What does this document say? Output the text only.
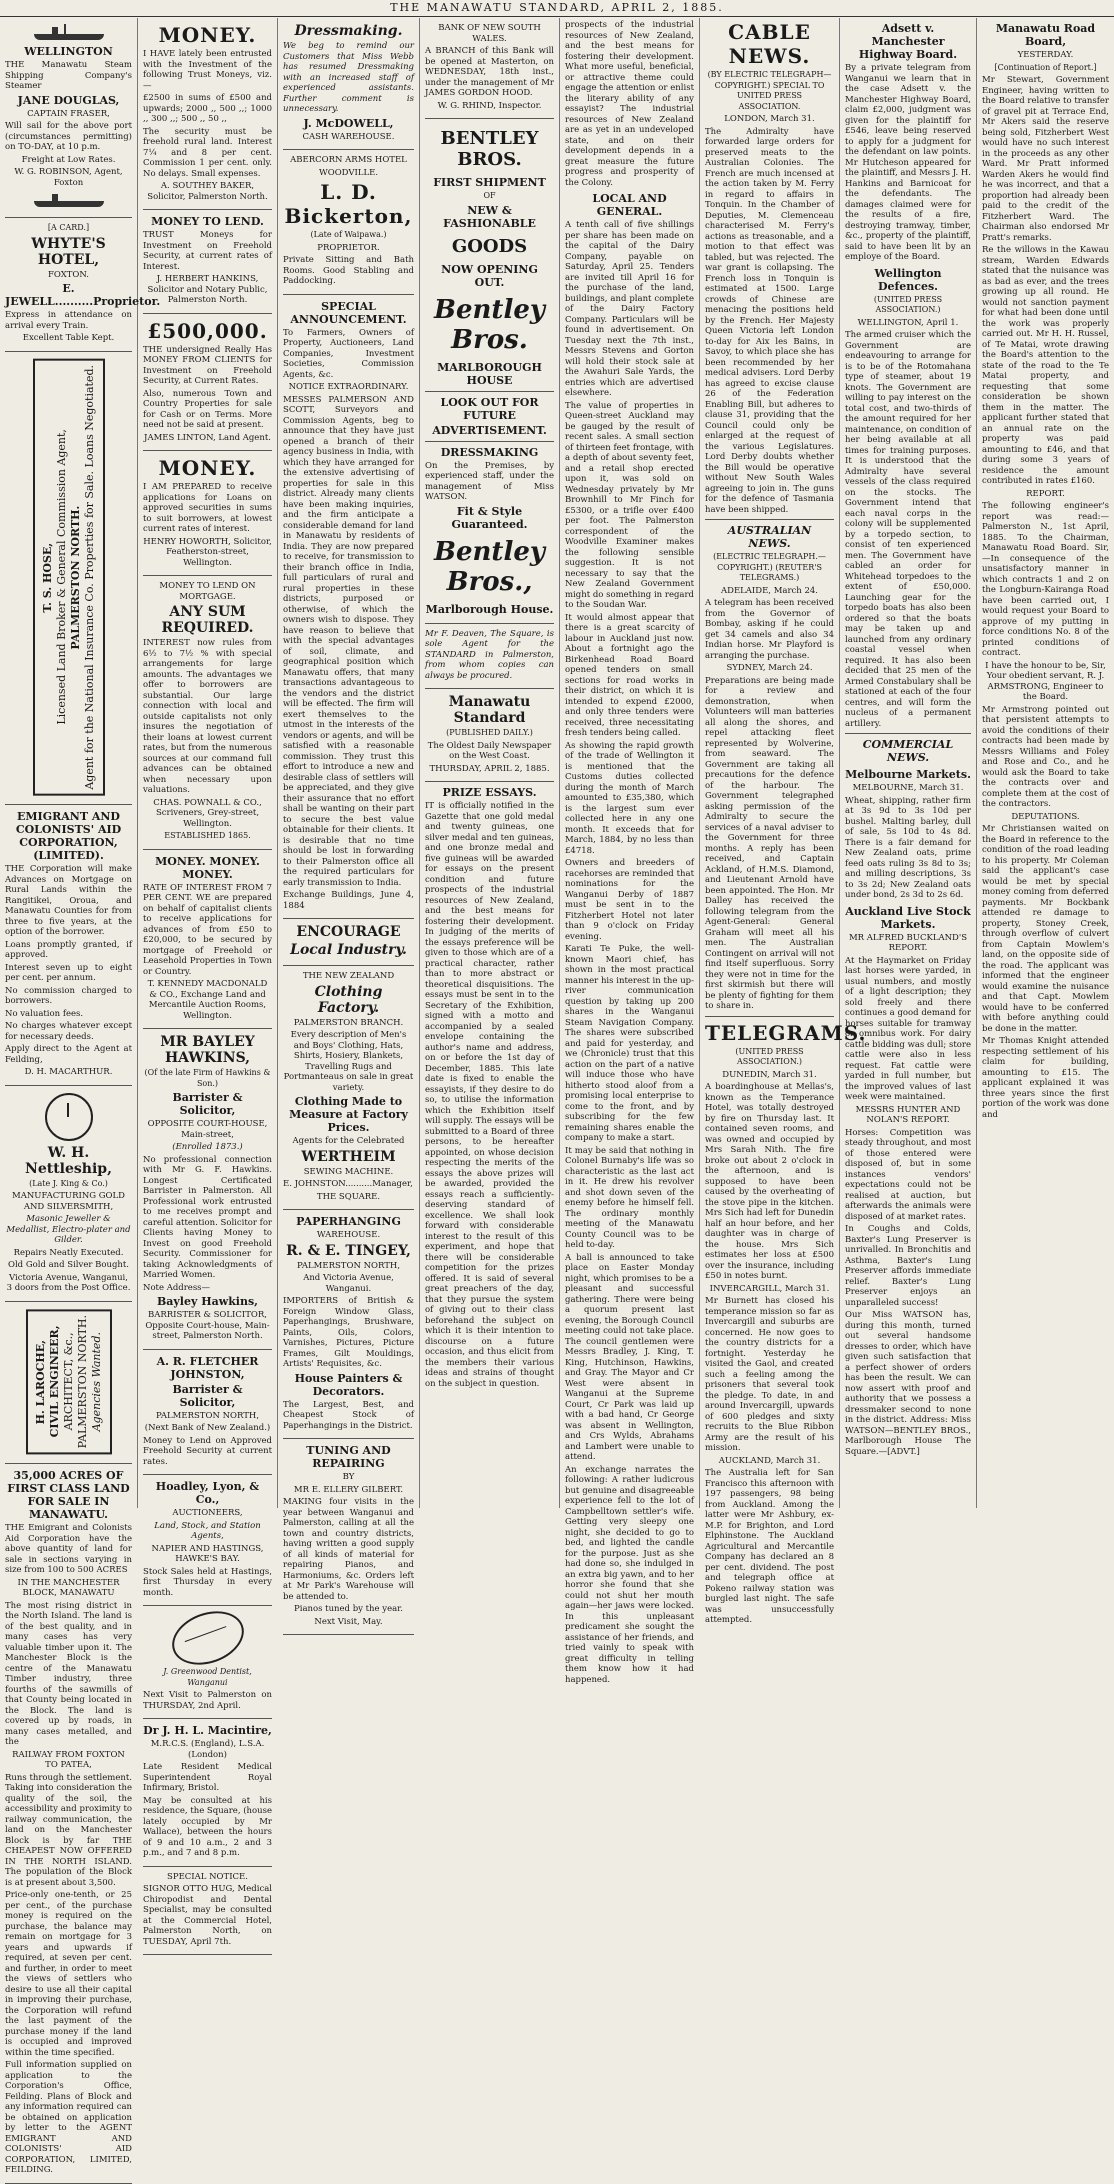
THE MANAWATU STANDARD, APRIL 2, 1885.
WELLINGTON
THE Manawatu Steam Shipping Company's Steamer
JANE DOUGLAS,
CAPTAIN FRASER,
Will sail for the above port (circumstances permitting) on TO-DAY, at 10 p.m.
Freight at Low Rates.
W. G. ROBINSON, Agent, Foxton
[A CARD.]
WHYTE'S HOTEL,
FOXTON.
E. JEWELL..........Proprietor.
Express in attendance on arrival every Train.
Excellent Table Kept.
T. S. HOSE,
Licensed Land Broker & General Commission Agent,
PALMERSTON NORTH.
Agent for the National Insurance Co. Properties for Sale. Loans Negotiated.
EMIGRANT AND COLONISTS' AID CORPORATION, (LIMITED).
THE Corporation will make Advances on Mortgage on Rural Lands within the Rangitikei, Oroua, and Manawatu Counties for from three to five years, at the option of the borrower.
Loans promptly granted, if approved.
Interest seven up to eight per cent. per annum.
No commission charged to borrowers.
No valuation fees.
No charges whatever except for necessary deeds.
Apply direct to the Agent at Feilding,
D. H. MACARTHUR.
W. H. Nettleship,
(Late J. King & Co.)
MANUFACTURING GOLD AND SILVERSMITH,
Masonic Jeweller & Medallist, Electro-plater and Gilder.
Repairs Neatly Executed.
Old Gold and Silver Bought.
Victoria Avenue, Wanganui, 3 doors from the Post Office.
H. LAROCHE,
CIVIL ENGINEER,
ARCHITECT, &c.,
PALMERSTON NORTH.
Agencies Wanted.
35,000 ACRES OF FIRST CLASS LAND FOR SALE IN MANAWATU.
THE Emigrant and Colonists Aid Corporation have the above quantity of land for sale in sections varying in size from 100 to 500 ACRES
IN THE MANCHESTER BLOCK, MANAWATU
The most rising district in the North Island. The land is of the best quality, and in many cases has very valuable timber upon it. The Manchester Block is the centre of the Manawatu Timber industry, three fourths of the sawmills of that County being located in the Block. The land is covered up by roads, in many cases metalled, and the
RAILWAY FROM FOXTON TO PATEA,
Runs through the settlement. Taking into consideration the quality of the soil, the accessibility and proximity to railway communication, the land on the Manchester Block is by far THE CHEAPEST NOW OFFERED IN THE NORTH ISLAND. The population of the Block is at present about 3,500.
Price-only one-tenth, or 25 per cent., of the purchase money is required on the purchase, the balance may remain on mortgage for 3 years and upwards if required, at seven per cent. and further, in order to meet the views of settlers who desire to use all their capital in improving their purchase, the Corporation will refund the last payment of the purchase money if the land is occupied and improved within the time specified.
Full information supplied on application to the Corporation's Office, Feilding. Plans of Block and any information required can be obtained on application by letter to the AGENT EMIGRANT AND COLONISTS' AID CORPORATION, LIMITED, FEILDING.
MONEY.
I HAVE lately been entrusted with the Investment of the following Trust Moneys, viz.—
£2500 in sums of £500 and upwards; 2000 ,, 500 ,,; 1000 ,, 300 ,,; 500 ,, 50 ,,
The security must be freehold rural land. Interest 7¼ and 8 per cent. Commission 1 per cent. only. No delays. Small expenses.
A. SOUTHEY BAKER, Solicitor, Palmerston North.
MONEY TO LEND.
TRUST Moneys for Investment on Freehold Security, at current rates of Interest.
J. HERBERT HANKINS, Solicitor and Notary Public, Palmerston North.
£500,000.
THE undersigned Really Has MONEY FROM CLIENTS for Investment on Freehold Security, at Current Rates.
Also, numerous Town and Country Properties for sale for Cash or on Terms. More need not be said at present.
JAMES LINTON, Land Agent.
MONEY.
I AM PREPARED to receive applications for Loans on approved securities in sums to suit borrowers, at lowest current rates of interest.
HENRY HOWORTH, Solicitor, Featherston-street, Wellington.
MONEY TO LEND ON MORTGAGE.
ANY SUM REQUIRED.
INTEREST now rules from 6½ to 7½ % with special arrangements for large amounts. The advantages we offer to borrowers are substantial. Our large connection with local and outside capitalists not only insures the negotiation of their loans at lowest current rates, but from the numerous sources at our command full advances can be obtained when necessary upon valuations.
CHAS. POWNALL & CO., Scriveners, Grey-street, Wellington.
ESTABLISHED 1865.
MONEY. MONEY. MONEY.
RATE OF INTEREST FROM 7 PER CENT. WE are prepared on behalf of capitalist clients to receive applications for advances of from £50 to £20,000, to be secured by mortgage of Freehold or Leasehold Properties in Town or Country.
T. KENNEDY MACDONALD & CO., Exchange Land and Mercantile Auction Rooms, Wellington.
MR BAYLEY HAWKINS,
(Of the late Firm of Hawkins & Son.)
Barrister & Solicitor,
OPPOSITE COURT-HOUSE, Main-street,
(Enrolled 1873.)
No professional connection with Mr G. F. Hawkins. Longest Certificated Barrister in Palmerston. All Professional work entrusted to me receives prompt and careful attention. Solicitor for Clients having Money to Invest on good Freehold Security. Commissioner for taking Acknowledgments of Married Women.
Note Address—
Bayley Hawkins,
BARRISTER & SOLICITOR, Opposite Court-house, Main-street, Palmerston North.
A. R. FLETCHER JOHNSTON,
Barrister & Solicitor,
PALMERSTON NORTH,
(Next Bank of New Zealand.)
Money to Lend on Approved Freehold Security at current rates.
Hoadley, Lyon, & Co.,
AUCTIONEERS,
Land, Stock, and Station Agents,
NAPIER AND HASTINGS, HAWKE'S BAY.
Stock Sales held at Hastings, first Thursday in every month.
J. Greenwood Dentist, Wanganui
Next Visit to Palmerston on THURSDAY, 2nd April.
Dr J. H. L. Macintire,
M.R.C.S. (England), L.S.A. (London)
Late Resident Medical Superintendent Royal Infirmary, Bristol.
May be consulted at his residence, the Square, (house lately occupied by Mr Wallace), between the hours of 9 and 10 a.m., 2 and 3 p.m., and 7 and 8 p.m.
SPECIAL NOTICE.
SIGNOR OTTO HUG, Medical Chiropodist and Dental Specialist, may be consulted at the Commercial Hotel, Palmerston North, on TUESDAY, April 7th.
Dressmaking.
We beg to remind our Customers that Miss Webb has resumed Dressmaking with an increased staff of experienced assistants. Further comment is unnecessary.
J. McDOWELL,
CASH WAREHOUSE.
ABERCORN ARMS HOTEL
WOODVILLE.
L. D. Bickerton,
(Late of Waipawa.)
PROPRIETOR.
Private Sitting and Bath Rooms. Good Stabling and Paddocking.
SPECIAL ANNOUNCEMENT.
To Farmers, Owners of Property, Auctioneers, Land Companies, Investment Societies, Commission Agents, &c.
NOTICE EXTRAORDINARY.
MESSES PALMERSON AND SCOTT, Surveyors and Commission Agents, beg to announce that they have just opened a branch of their agency business in India, with which they have arranged for the extensive advertising of properties for sale in this district. Already many clients have been making inquiries, and the firm anticipate a considerable demand for land in Manawatu by residents of India. They are now prepared to receive, for transmission to their branch office in India, full particulars of rural and rural properties in these districts, purposed or otherwise, of which the owners wish to dispose. They have reason to believe that with the special advantages of soil, climate, and geographical position which Manawatu offers, that many transactions advantageous to the vendors and the district will be effected. The firm will exert themselves to the utmost in the interests of the vendors or agents, and will be satisfied with a reasonable commission. They trust this effort to introduce a new and desirable class of settlers will be appreciated, and they give their assurance that no effort shall be wanting on their part to secure the best value obtainable for their clients. It is desirable that no time should be lost in forwarding to their Palmerston office all the required particulars for early transmission to India.
Exchange Buildings, June 4, 1884
ENCOURAGE
Local Industry.
THE NEW ZEALAND
Clothing Factory.
PALMERSTON BRANCH.
Every description of Men's and Boys' Clothing, Hats, Shirts, Hosiery, Blankets, Travelling Rugs and Portmanteaus on sale in great variety.
Clothing Made to Measure at Factory Prices.
Agents for the Celebrated
WERTHEIM
SEWING MACHINE.
E. JOHNSTON..........Manager,
THE SQUARE.
PAPERHANGING
WAREHOUSE.
R. & E. TINGEY,
PALMERSTON NORTH,
And Victoria Avenue, Wanganui.
IMPORTERS of British & Foreign Window Glass, Paperhangings, Brushware, Paints, Oils, Colors, Varnishes, Pictures, Picture Frames, Gilt Mouldings, Artists' Requisites, &c.
House Painters & Decorators.
The Largest, Best, and Cheapest Stock of Paperhangings in the District.
TUNING AND REPAIRING
BY
MR E. ELLERY GILBERT.
MAKING four visits in the year between Wanganui and Palmerston, calling at all the town and country districts, having written a good supply of all kinds of material for repairing Pianos, and Harmoniums, &c. Orders left at Mr Park's Warehouse will be attended to.
Pianos tuned by the year.
Next Visit, May.
BANK OF NEW SOUTH WALES.
A BRANCH of this Bank will be opened at Masterton, on WEDNESDAY, 18th inst., under the management of Mr JAMES GORDON HOOD.
W. G. RHIND, Inspector.
BENTLEY BROS.
FIRST SHIPMENT
OF
NEW & FASHIONABLE
GOODS
NOW OPENING OUT.
Bentley Bros.
MARLBOROUGH HOUSE
LOOK OUT FOR FUTURE
ADVERTISEMENT.
DRESSMAKING
On the Premises, by experienced staff, under the management of Miss WATSON.
Fit & Style Guaranteed.
Bentley Bros.,
Marlborough House.
Mr F. Deaven, The Square, is sole Agent for the STANDARD in Palmerston, from whom copies can always be procured.
Manawatu Standard
(PUBLISHED DAILY.)
The Oldest Daily Newspaper on the West Coast.
THURSDAY, APRIL 2, 1885.
PRIZE ESSAYS.
IT is officially notified in the Gazette that one gold medal and twenty guineas, one silver medal and ten guineas, and one bronze medal and five guineas will be awarded for essays on the present condition and future prospects of the industrial resources of New Zealand, and the best means for fostering their development. In judging of the merits of the essays preference will be given to those which are of a practical character, rather than to more abstract or theoretical disquisitions. The essays must be sent in to the Secretary of the Exhibition, signed with a motto and accompanied by a sealed envelope containing the author's name and address, on or before the 1st day of December, 1885. This late date is fixed to enable the essayists, if they desire to do so, to utilise the information which the Exhibition itself will supply. The essays will be submitted to a Board of three persons, to be hereafter appointed, on whose decision respecting the merits of the essays the above prizes will be awarded, provided the essays reach a sufficiently-deserving standard of excellence. We shall look forward with considerable interest to the result of this experiment, and hope that there will be considerable competition for the prizes offered. It is said of several great preachers of the day, that they pursue the system of giving out to their class beforehand the subject on which it is their intention to discourse on a future occasion, and thus elicit from the members their various ideas and strains of thought on the subject in question.
prospects of the industrial resources of New Zealand, and the best means for fostering their development. What more useful, beneficial, or attractive theme could engage the attention or enlist the literary ability of any essayist? The industrial resources of New Zealand are as yet in an undeveloped state, and on their development depends in a great measure the future progress and prosperity of the Colony.
LOCAL AND GENERAL.
A tenth call of five shillings per share has been made on the capital of the Dairy Company, payable on Saturday, April 25. Tenders are invited till April 16 for the purchase of the land, buildings, and plant complete of the Dairy Factory Company. Particulars will be found in advertisement. On Tuesday next the 7th inst., Messrs Stevens and Gorton will hold their stock sale at the Awahuri Sale Yards, the entries which are advertised elsewhere.
The value of properties in Queen-street Auckland may be gauged by the result of recent sales. A small section of thirteen feet frontage, with a depth of about seventy feet, and a retail shop erected upon it, was sold on Wednesday privately by Mr Brownhill to Mr Finch for £5300, or a trifle over £400 per foot. The Palmerston correspondent of the Woodville Examiner makes the following sensible suggestion. It is not necessary to say that the New Zealand Government might do something in regard to the Soudan War.
It would almost appear that there is a great scarcity of labour in Auckland just now. About a fortnight ago the Birkenhead Road Board opened tenders on small sections for road works in their district, on which it is intended to expend £2000, and only three tenders were received, three necessitating fresh tenders being called.
As showing the rapid growth of the trade of Wellington it is mentioned that the Customs duties collected during the month of March amounted to £35,380, which is the largest sum ever collected here in any one month. It exceeds that for March, 1884, by no less than £4718.
Owners and breeders of racehorses are reminded that nominations for the Wanganui Derby of 1887 must be sent in to the Fitzherbert Hotel not later than 9 o'clock on Friday evening.
Karati Te Puke, the well-known Maori chief, has shown in the most practical manner his interest in the up-river communication question by taking up 200 shares in the Wanganui Steam Navigation Company. The shares were subscribed and paid for yesterday, and we (Chronicle) trust that this action on the part of a native will induce those who have hitherto stood aloof from a promising local enterprise to come to the front, and by subscribing for the few remaining shares enable the company to make a start.
It may be said that nothing in Colonel Burnaby's life was so characteristic as the last act in it. He drew his revolver and shot down seven of the enemy before he himself fell. The ordinary monthly meeting of the Manawatu County Council was to be held to-day.
A ball is announced to take place on Easter Monday night, which promises to be a pleasant and successful gathering. There were being a quorum present last evening, the Borough Council meeting could not take place. The council gentlemen were Messrs Bradley, J. King, T. King, Hutchinson, Hawkins, and Gray. The Mayor and Cr West were absent in Wanganui at the Supreme Court, Cr Park was laid up with a bad hand, Cr George was absent in Wellington, and Crs Wylds, Abrahams and Lambert were unable to attend.
An exchange narrates the following: A rather ludicrous but genuine and disagreeable experience fell to the lot of Campbelltown settler's wife. Getting very sleepy one night, she decided to go to bed, and lighted the candle for the purpose. Just as she had done so, she indulged in an extra big yawn, and to her horror she found that she could not shut her mouth again—her jaws were locked. In this unpleasant predicament she sought the assistance of her friends, and tried vainly to speak with great difficulty in telling them know how it had happened.
CABLE NEWS.
(BY ELECTRIC TELEGRAPH—COPYRIGHT.) SPECIAL TO UNITED PRESS ASSOCIATION.
LONDON, March 31.
The Admiralty have forwarded large orders for preserved meats to the Australian Colonies. The French are much incensed at the action taken by M. Ferry in regard to affairs in Tonquin. In the Chamber of Deputies, M. Clemenceau characterised M. Ferry's actions as treasonable, and a motion to that effect was tabled, but was rejected. The war grant is collapsing. The French loss in Tonquin is estimated at 1500. Large crowds of Chinese are menacing the positions held by the French. Her Majesty Queen Victoria left London to-day for Aix les Bains, in Savoy, to which place she has been recommended by her medical advisers. Lord Derby has agreed to excise clause 26 of the Federation Enabling Bill, but adheres to clause 31, providing that the Council could only be enlarged at the request of the various Legislatures. Lord Derby doubts whether the Bill would be operative without New South Wales agreeing to join in. The guns for the defence of Tasmania have been shipped.
AUSTRALIAN NEWS.
(ELECTRIC TELEGRAPH.—COPYRIGHT.) (REUTER'S TELEGRAMS.)
ADELAIDE, March 24.
A telegram has been received from the Governor of Bombay, asking if he could get 34 camels and also 34 Indian horse. Mr Playford is arranging the purchase.
SYDNEY, March 24.
Preparations are being made for a review and demonstration, when Volunteers will man batteries all along the shores, and repel attacking fleet represented by Wolverine, from seaward. The Government are taking all precautions for the defence of the harbour. The Government telegraphed asking permission of the Admiralty to secure the services of a naval adviser to the Government for three months. A reply has been received, and Captain Ackland, of H.M.S. Diamond, and Lieutenant Arnold have been appointed. The Hon. Mr Dalley has received the following telegram from the Agent-General: General Graham will meet all his men. The Australian Contingent on arrival will not find itself superfluous. Sorry they were not in time for the first skirmish but there will be plenty of fighting for them to share in.
TELEGRAMS.
(UNITED PRESS ASSOCIATION.)
DUNEDIN, March 31.
A boardinghouse at Mellas's, known as the Temperance Hotel, was totally destroyed by fire on Thursday last. It contained seven rooms, and was owned and occupied by Mrs Sarah Nith. The fire broke out about 2 o'clock in the afternoon, and is supposed to have been caused by the overheating of the stove pipe in the kitchen. Mrs Sich had left for Dunedin half an hour before, and her daughter was in charge of the house. Mrs Sich estimates her loss at £500 over the insurance, including £50 in notes burnt.
INVERCARGILL, March 31.
Mr Burnett has closed his temperance mission so far as Invercargill and suburbs are concerned. He now goes to the country districts for a fortnight. Yesterday he visited the Gaol, and created such a feeling among the prisoners that several took the pledge. To date, in and around Invercargill, upwards of 600 pledges and sixty recruits to the Blue Ribbon Army are the result of his mission.
AUCKLAND, March 31.
The Australia left for San Francisco this afternoon with 197 passengers, 98 being from Auckland. Among the latter were Mr Ashbury, ex-M.P. for Brighton, and Lord Elphinstone. The Auckland Agricultural and Mercantile Company has declared an 8 per cent. dividend. The post and telegraph office at Pokeno railway station was burgled last night. The safe was unsuccessfully attempted.
Adsett v. Manchester Highway Board.
By a private telegram from Wanganui we learn that in the case Adsett v. the Manchester Highway Board, claim £2,000, judgment was given for the plaintiff for £546, leave being reserved to apply for a judgment for the defendant on law points. Mr Hutcheson appeared for the plaintiff, and Messrs J. H. Hankins and Barnicoat for the defendants. The damages claimed were for the results of a fire, destroying tramway, timber, &c., property of the plaintiff, said to have been lit by an employe of the Board.
Wellington Defences.
(UNITED PRESS ASSOCIATION.)
WELLINGTON, April 1.
The armed cruiser which the Government are endeavouring to arrange for is to be of the Rotomahana type of steamer, about 19 knots. The Government are willing to pay interest on the total cost, and two-thirds of the amount required for her maintenance, on condition of her being available at all times for training purposes. It is understood that the Admiralty have several vessels of the class required on the stocks. The Government intend that each naval corps in the colony will be supplemented by a torpedo section, to consist of ten experienced men. The Government have cabled an order for Whitehead torpedoes to the extent of £50,000. Launching gear for the torpedo boats has also been ordered so that the boats may be taken up and launched from any ordinary coastal vessel when required. It has also been decided that 25 men of the Armed Constabulary shall be stationed at each of the four centres, and will form the nucleus of a permanent artillery.
COMMERCIAL NEWS.
Melbourne Markets.
MELBOURNE, March 31.
Wheat, shipping, rather firm at 3s 9d to 3s 10d per bushel. Malting barley, dull of sale, 5s 10d to 4s 8d. There is a fair demand for New Zealand oats, prime feed oats ruling 3s 8d to 3s; and milling descriptions, 3s to 3s 2d; New Zealand oats under bond, 2s 3d to 2s 6d.
Auckland Live Stock Markets.
MR ALFRED BUCKLAND'S REPORT.
At the Haymarket on Friday last horses were yarded, in usual numbers, and mostly of a light description; they sold freely and there continues a good demand for horses suitable for tramway or omnibus work. For dairy cattle bidding was dull; store cattle were also in less request. Fat cattle were yarded in full number, but the improved values of last week were maintained.
MESSRS HUNTER AND NOLAN'S REPORT.
Horses: Competition was steady throughout, and most of those entered were disposed of, but in some instances vendors' expectations could not be realised at auction, but afterwards the animals were disposed of at market rates.
In Coughs and Colds, Baxter's Lung Preserver is unrivalled. In Bronchitis and Asthma, Baxter's Lung Preserver affords immediate relief. Baxter's Lung Preserver enjoys an unparalleled success!
Our Miss WATSON has, during this month, turned out several handsome dresses to order, which have given such satisfaction that a perfect shower of orders has been the result. We can now assert with proof and authority that we possess a dressmaker second to none in the district. Address: Miss WATSON—BENTLEY BROS., Marlborough House The Square.—[ADVT.]
Manawatu Road Board,
YESTERDAY.
[Continuation of Report.]
Mr Stewart, Government Engineer, having written to the Board relative to transfer of gravel pit at Terrace End, Mr Akers said the reserve being sold, Fitzherbert West would have no such interest in the proceeds as any other Ward. Mr Pratt informed Warden Akers he would find he was incorrect, and that a proportion had already been paid to the credit of the Fitzherbert Ward. The Chairman also endorsed Mr Pratt's remarks.
Re the willows in the Kawau stream, Warden Edwards stated that the nuisance was as bad as ever, and the trees growing up all round. He would not sanction payment for what had been done until the work was properly carried out. Mr H. H. Russel, of Te Matai, wrote drawing the Board's attention to the state of the road to the Te Matai property, and requesting that some consideration be shown them in the matter. The applicant further stated that an annual rate on the property was paid amounting to £46, and that during some 3 years of residence the amount contributed in rates £160.
REPORT.
The following engineer's report was read:— Palmerston N., 1st April, 1885. To the Chairman, Manawatu Road Board. Sir,—In consequence of the unsatisfactory manner in which contracts 1 and 2 on the Longburn-Kairanga Road have been carried out, I would request your Board to approve of my putting in force conditions No. 8 of the printed conditions of contract.
I have the honour to be, Sir, Your obedient servant, R. J. ARMSTRONG, Engineer to the Board.
Mr Armstrong pointed out that persistent attempts to avoid the conditions of their contracts had been made by Messrs Williams and Foley and Rose and Co., and he would ask the Board to take the contracts over and complete them at the cost of the contractors.
DEPUTATIONS.
Mr Christiansen waited on the Board in reference to the condition of the road leading to his property. Mr Coleman said the applicant's case would be met by special money coming from deferred payments. Mr Bockbank attended re damage to property, Stoney Creek, through overflow of culvert from Captain Mowlem's land, on the opposite side of the road. The applicant was informed that the engineer would examine the nuisance and that Capt. Mowlem would have to be conferred with before anything could be done in the matter.
Mr Thomas Knight attended respecting settlement of his claim for building, amounting to £15. The applicant explained it was three years since the first portion of the work was done and
